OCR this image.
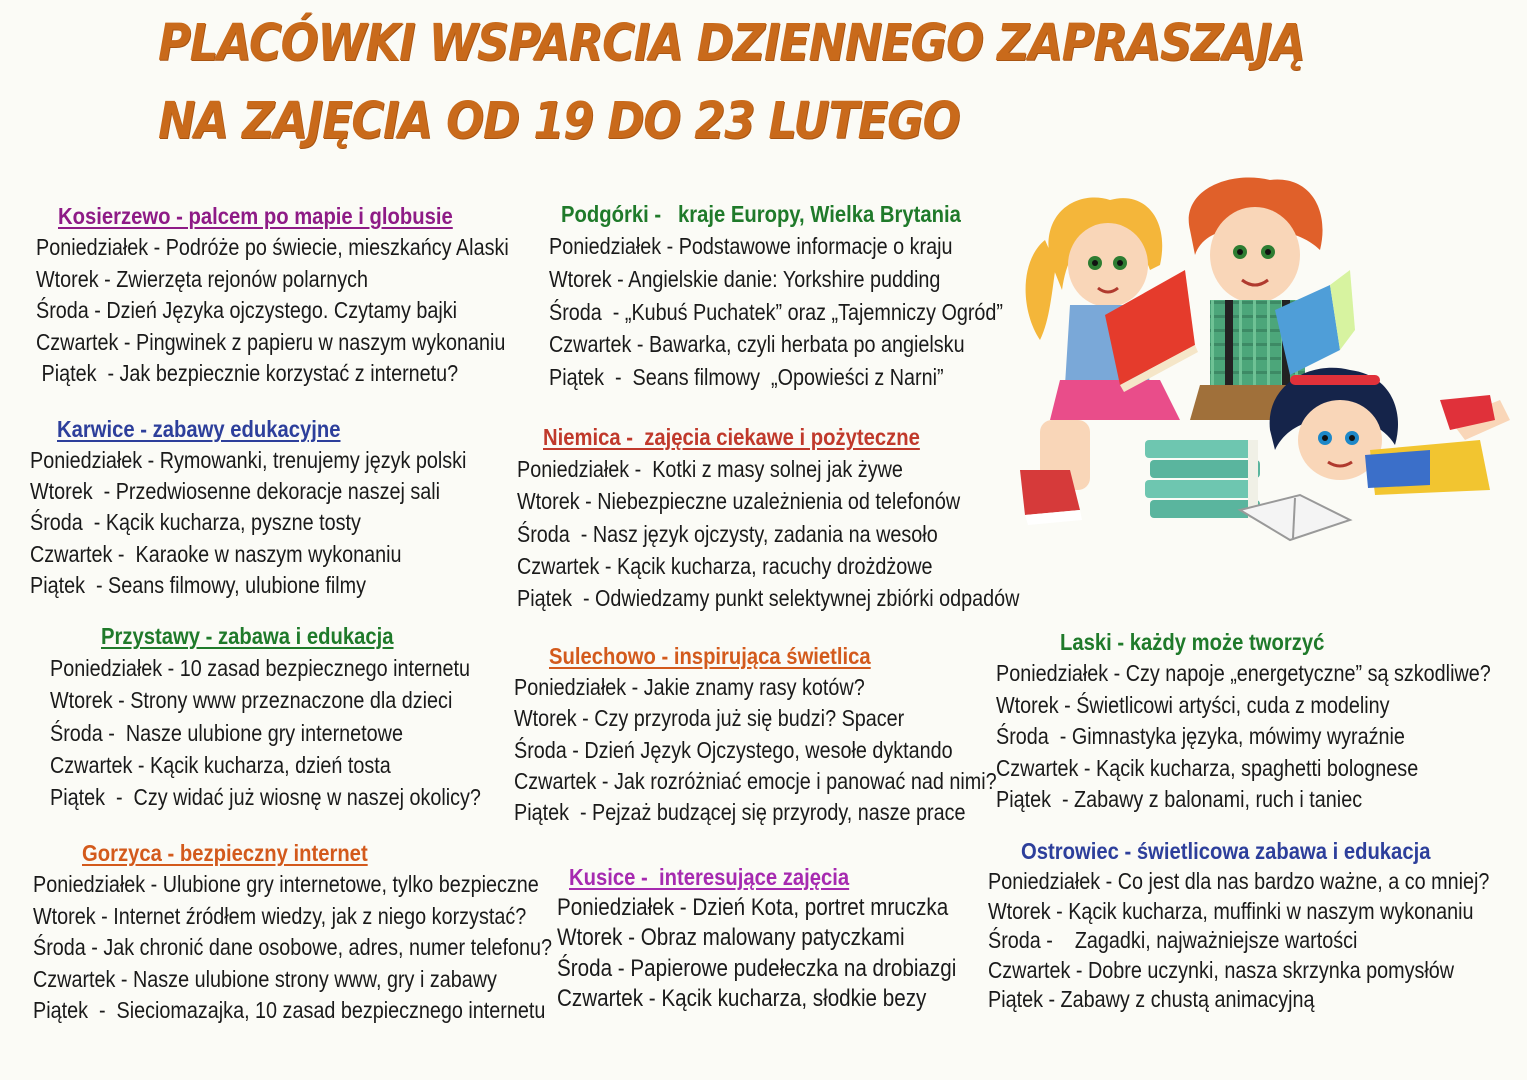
PLACÓWKI WSPARCIA DZIENNEGO ZAPRASZAJĄ
NA ZAJĘCIA OD 19 DO 23 LUTEGO
Kosierzewo - palcem po mapie i globusie
Poniedziałek - Podróże po świecie, mieszkańcy Alaski
Wtorek - Zwierzęta rejonów polarnych
Środa - Dzień Języka ojczystego. Czytamy bajki
Czwartek - Pingwinek z papieru w naszym wykonaniu
Piątek  - Jak bezpiecznie korzystać z internetu?
Karwice - zabawy edukacyjne
Poniedziałek - Rymowanki, trenujemy język polski
Wtorek  - Przedwiosenne dekoracje naszej sali
Środa  - Kącik kucharza, pyszne tosty
Czwartek -  Karaoke w naszym wykonaniu
Piątek  - Seans filmowy, ulubione filmy
Przystawy - zabawa i edukacja
Poniedziałek - 10 zasad bezpiecznego internetu
Wtorek - Strony www przeznaczone dla dzieci
Środa -  Nasze ulubione gry internetowe
Czwartek - Kącik kucharza, dzień tosta
Piątek  -  Czy widać już wiosnę w naszej okolicy?
Gorzyca - bezpieczny internet
Poniedziałek - Ulubione gry internetowe, tylko bezpieczne
Wtorek - Internet źródłem wiedzy, jak z niego korzystać?
Środa - Jak chronić dane osobowe, adres, numer telefonu?
Czwartek - Nasze ulubione strony www, gry i zabawy
Piątek  -  Sieciomazajka, 10 zasad bezpiecznego internetu
Podgórki -   kraje Europy, Wielka Brytania
Poniedziałek - Podstawowe informacje o kraju
Wtorek - Angielskie danie: Yorkshire pudding
Środa  - „Kubuś Puchatek” oraz „Tajemniczy Ogród”
Czwartek - Bawarka, czyli herbata po angielsku
Piątek  -  Seans filmowy  „Opowieści z Narni”
Niemica -  zajęcia ciekawe i pożyteczne
Poniedziałek -  Kotki z masy solnej jak żywe
Wtorek - Niebezpieczne uzależnienia od telefonów
Środa  - Nasz język ojczysty, zadania na wesoło
Czwartek - Kącik kucharza, racuchy drożdżowe
Piątek  - Odwiedzamy punkt selektywnej zbiórki odpadów
Sulechowo - inspirująca świetlica
Poniedziałek - Jakie znamy rasy kotów?
Wtorek - Czy przyroda już się budzi? Spacer
Środa - Dzień Język Ojczystego, wesołe dyktando
Czwartek - Jak rozróżniać emocje i panować nad nimi?
Piątek  - Pejzaż budzącej się przyrody, nasze prace
Kusice -  interesujące zajęcia
Poniedziałek - Dzień Kota, portret mruczka
Wtorek - Obraz malowany patyczkami
Środa - Papierowe pudełeczka na drobiazgi
Czwartek - Kącik kucharza, słodkie bezy
Laski - każdy może tworzyć
Poniedziałek - Czy napoje „energetyczne” są szkodliwe?
Wtorek - Świetlicowi artyści, cuda z modeliny
Środa  - Gimnastyka języka, mówimy wyraźnie
Czwartek - Kącik kucharza, spaghetti bolognese
Piątek  - Zabawy z balonami, ruch i taniec
Ostrowiec - świetlicowa zabawa i edukacja
Poniedziałek - Co jest dla nas bardzo ważne, a co mniej?
Wtorek - Kącik kucharza, muffinki w naszym wykonaniu
Środa -    Zagadki, najważniejsze wartości
Czwartek - Dobre uczynki, nasza skrzynka pomysłów
Piątek - Zabawy z chustą animacyjną
